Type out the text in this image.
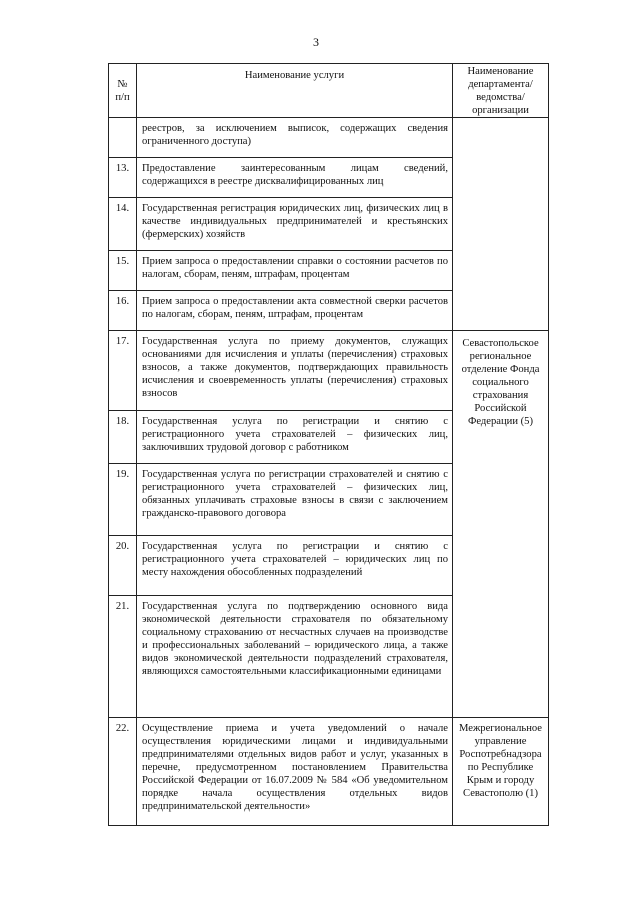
3
№ п/п	Наименование услуги	Наименование департамента/ведомства/ организации

	реестров, за исключением выписок, содержащих сведения ограниченного доступа)	
13.	Предоставление заинтересованным лицам сведений, содержащихся в реестре дисквалифицированных лиц	
14.	Государственная регистрация юридических лиц, физических лиц в качестве индивидуальных предпринимателей и крестьянских (фермерских) хозяйств	
15.	Прием запроса о предоставлении справки о состоянии расчетов по налогам, сборам, пеням, штрафам, процентам	
16.	Прием запроса о предоставлении акта совместной сверки расчетов по налогам, сборам, пеням, штрафам, процентам	
17.	Государственная услуга по приему документов, служащих основаниями для исчисления и уплаты (перечисления) страховых взносов, а также документов, подтверждающих правильность исчисления и своевременность уплаты (перечисления) страховых взносов	Севастопольское региональное отделение Фонда социального страхования Российской Федерации (5)
18.	Государственная услуга по регистрации и снятию с регистрационного учета страхователей – физических лиц, заключивших трудовой договор с работником	
19.	Государственная услуга по регистрации страхователей и снятию с регистрационного учета страхователей – физических лиц, обязанных уплачивать страховые взносы в связи с заключением гражданско-правового договора	
20.	Государственная услуга по регистрации и снятию с регистрационного учета страхователей – юридических лиц по месту нахождения обособленных подразделений	
21.	Государственная услуга по подтверждению основного вида экономической деятельности страхователя по обязательному социальному страхованию от несчастных случаев на производстве и профессиональных заболеваний – юридического лица, а также видов экономической деятельности подразделений страхователя, являющихся самостоятельными классификационными единицами	
22.	Осуществление приема и учета уведомлений о начале осуществления юридическими лицами и индивидуальными предпринимателями отдельных видов работ и услуг, указанных в перечне, предусмотренном постановлением Правительства Российской Федерации от 16.07.2009 № 584 «Об уведомительном порядке начала осуществления отдельных видов предпринимательской деятельности»	Межрегиональное управление Роспотребнадзора по Республике Крым и городу Севастополю (1)
